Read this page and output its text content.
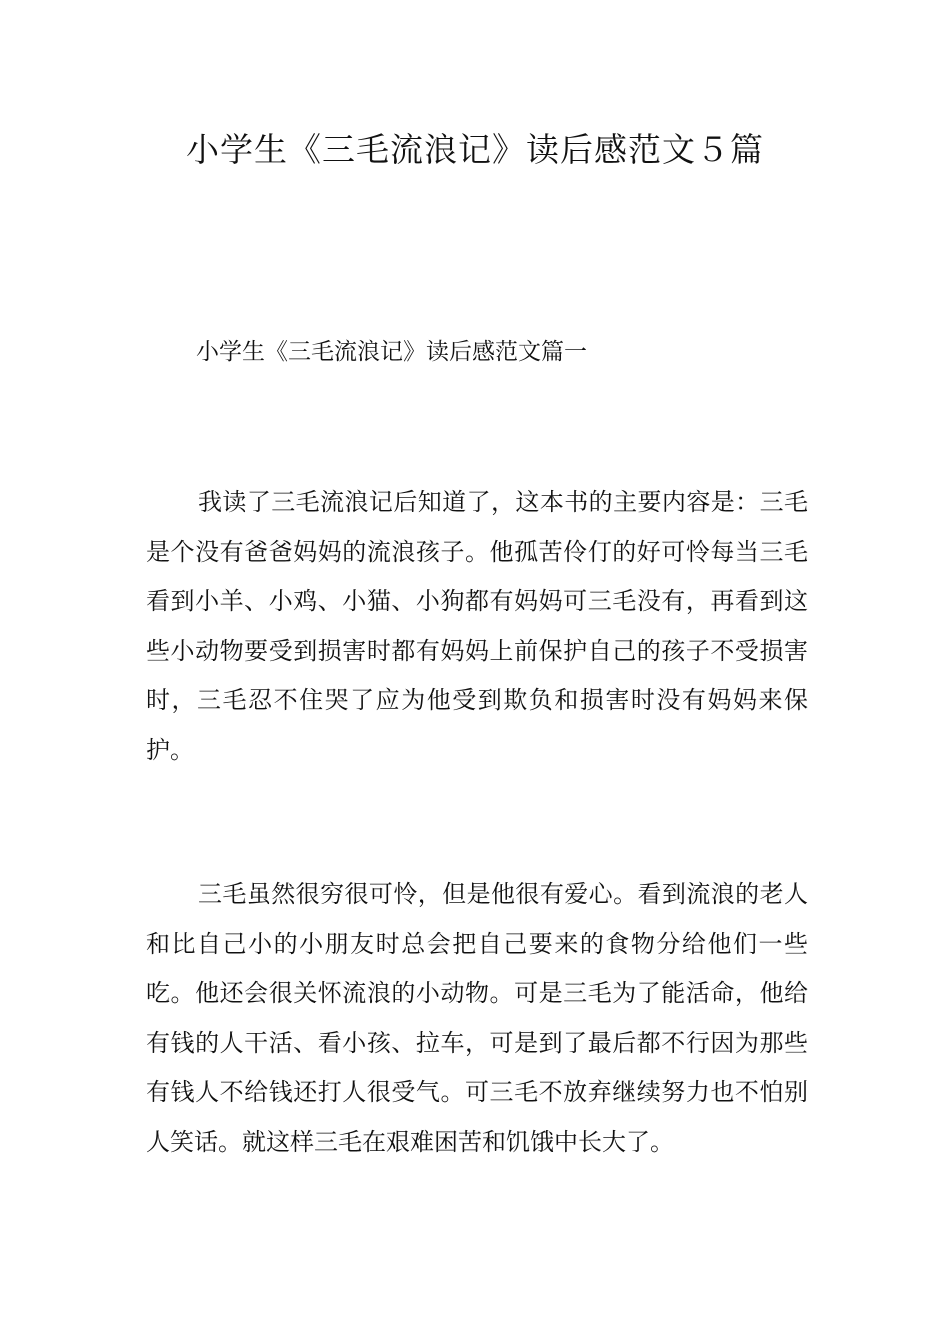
小学生《三毛流浪记》读后感范文５篇
小学生《三毛流浪记》读后感范文篇一

我读了三毛流浪记后知道了，这本书的主要内容是：三毛是个没有爸爸妈妈的流浪孩子。他孤苦伶仃的好可怜每当三毛看到小羊、小鸡、小猫、小狗都有妈妈可三毛没有，再看到这些小动物要受到损害时都有妈妈上前保护自己的孩子不受损害时，三毛忍不住哭了应为他受到欺负和损害时没有妈妈来保护。

三毛虽然很穷很可怜，但是他很有爱心。看到流浪的老人和比自己小的小朋友时总会把自己要来的食物分给他们一些吃。他还会很关怀流浪的小动物。可是三毛为了能活命，他给有钱的人干活、看小孩、拉车，可是到了最后都不行因为那些有钱人不给钱还打人很受气。可三毛不放弃继续努力也不怕别人笑话。就这样三毛在艰难困苦和饥饿中长大了。
